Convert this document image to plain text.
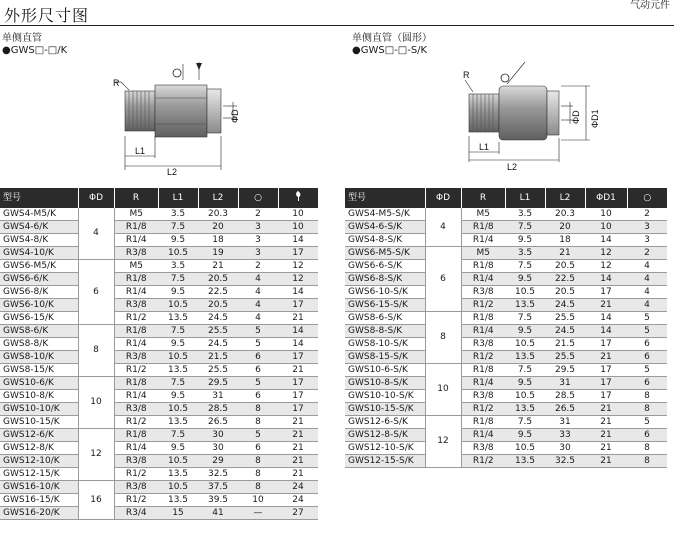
外形尺寸图
气动元件
单侧直管
●GWS□-□/K
单侧直管（圆形）
●GWS□-□-S/K
R
L1
L2
ΦD
R
L1
L2
ΦD ΦD1
型号	ΦD	R	L1	L2	○	
GWS4-M5/K	4	M5	3.5	20.3	2	10
GWS4-6/K		R1/8	7.5	20	3	10
GWS4-8/K		R1/4	9.5	18	3	14
GWS4-10/K		R3/8	10.5	19	3	17
GWS6-M5/K	6	M5	3.5	21	2	12
GWS6-6/K		R1/8	7.5	20.5	4	12
GWS6-8/K		R1/4	9.5	22.5	4	14
GWS6-10/K		R3/8	10.5	20.5	4	17
GWS6-15/K		R1/2	13.5	24.5	4	21
GWS8-6/K	8	R1/8	7.5	25.5	5	14
GWS8-8/K		R1/4	9.5	24.5	5	14
GWS8-10/K		R3/8	10.5	21.5	6	17
GWS8-15/K		R1/2	13.5	25.5	6	21
GWS10-6/K	10	R1/8	7.5	29.5	5	17
GWS10-8/K		R1/4	9.5	31	6	17
GWS10-10/K		R3/8	10.5	28.5	8	17
GWS10-15/K		R1/2	13.5	26.5	8	21
GWS12-6/K	12	R1/8	7.5	30	5	21
GWS12-8/K		R1/4	9.5	30	6	21
GWS12-10/K		R3/8	10.5	29	8	21
GWS12-15/K		R1/2	13.5	32.5	8	21
GWS16-10/K	16	R3/8	10.5	37.5	8	24
GWS16-15/K		R1/2	13.5	39.5	10	24
GWS16-20/K		R3/4	15	41	—	27
型号	ΦD	R	L1	L2	ΦD1	○
GWS4-M5-S/K	4	M5	3.5	20.3	10	2
GWS4-6-S/K		R1/8	7.5	20	10	3
GWS4-8-S/K		R1/4	9.5	18	14	3
GWS6-M5-S/K	6	M5	3.5	21	12	2
GWS6-6-S/K		R1/8	7.5	20.5	12	4
GWS6-8-S/K		R1/4	9.5	22.5	14	4
GWS6-10-S/K		R3/8	10.5	20.5	17	4
GWS6-15-S/K		R1/2	13.5	24.5	21	4
GWS8-6-S/K	8	R1/8	7.5	25.5	14	5
GWS8-8-S/K		R1/4	9.5	24.5	14	5
GWS8-10-S/K		R3/8	10.5	21.5	17	6
GWS8-15-S/K		R1/2	13.5	25.5	21	6
GWS10-6-S/K	10	R1/8	7.5	29.5	17	5
GWS10-8-S/K		R1/4	9.5	31	17	6
GWS10-10-S/K		R3/8	10.5	28.5	17	8
GWS10-15-S/K		R1/2	13.5	26.5	21	8
GWS12-6-S/K	12	R1/8	7.5	31	21	5
GWS12-8-S/K		R1/4	9.5	33	21	6
GWS12-10-S/K		R3/8	10.5	30	21	8
GWS12-15-S/K		R1/2	13.5	32.5	21	8
